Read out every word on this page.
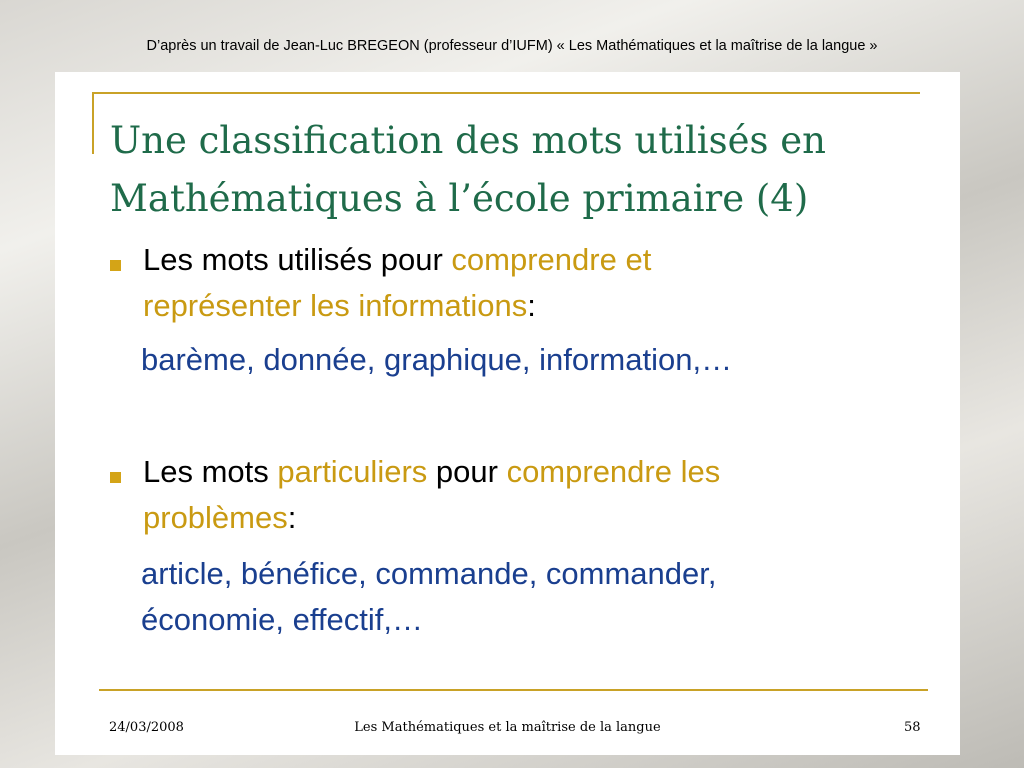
D’après un travail de Jean-Luc BREGEON (professeur d’IUFM) « Les Mathématiques et la maîtrise de la langue »
Une classification des mots utilisés en
Mathématiques à l’école primaire (4)
Les mots utilisés pour comprendre et
représenter les informations:
barème, donnée, graphique, information,…
Les mots particuliers pour comprendre les
problèmes:
article, bénéfice, commande, commander,
économie, effectif,…
24/03/2008	Les Mathématiques et la maîtrise de la langue	58
